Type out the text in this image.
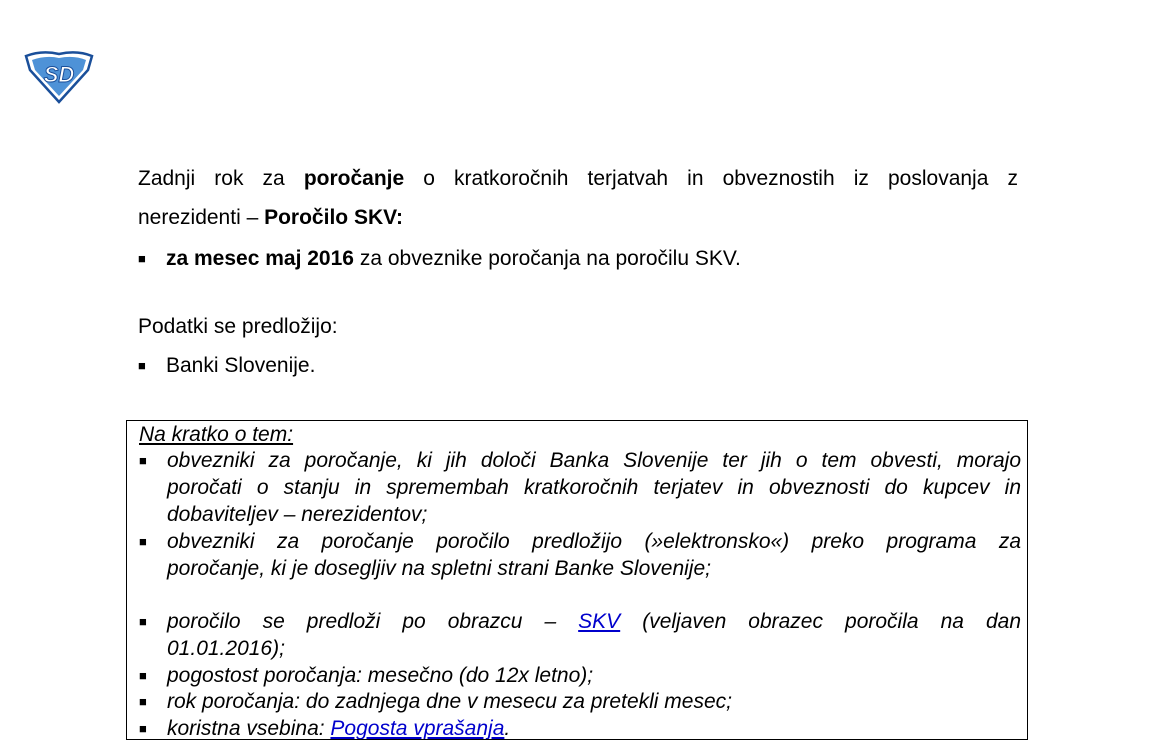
SD
Zadnji rok za poročanje o kratkoročnih terjatvah in obveznostih iz poslovanja z
nerezidenti – Poročilo SKV:
■ za mesec maj 2016 za obveznike poročanja na poročilu SKV.
Podatki se predložijo:
■ Banki Slovenije.
Na kratko o tem:
■ obvezniki za poročanje, ki jih določi Banka Slovenije ter jih o tem obvesti, morajo
poročati o stanju in spremembah kratkoročnih terjatev in obveznosti do kupcev in
dobaviteljev – nerezidentov;
■ obvezniki za poročanje poročilo predložijo (»elektronsko«) preko programa za
poročanje, ki je dosegljiv na spletni strani Banke Slovenije;
■ poročilo se predloži po obrazcu – SKV (veljaven obrazec poročila na dan
01.01.2016);
■ pogostost poročanja: mesečno (do 12x letno);
■ rok poročanja: do zadnjega dne v mesecu za pretekli mesec;
■ koristna vsebina: Pogosta vprašanja.
